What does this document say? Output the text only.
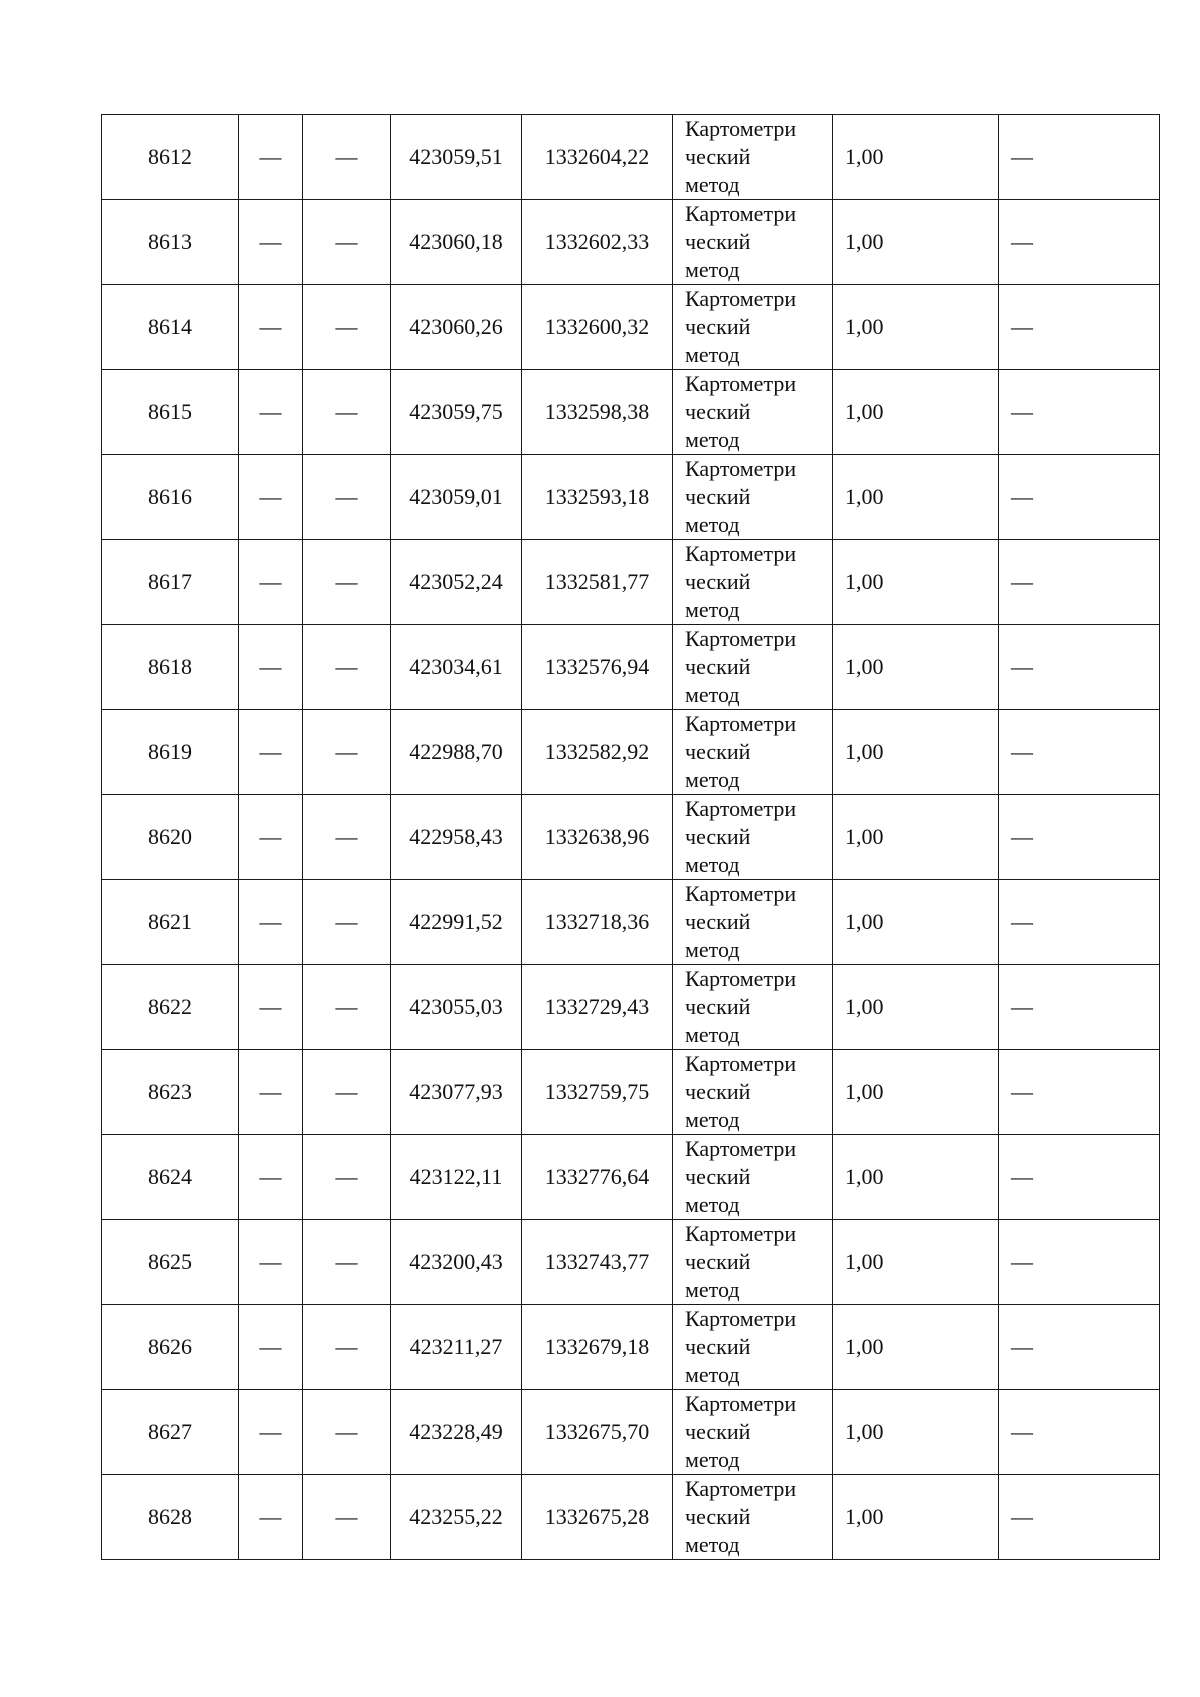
8612	—	—	423059,51	1332604,22	Картометри
ческий
метод	1,00	—
8613	—	—	423060,18	1332602,33	Картометри
ческий
метод	1,00	—
8614	—	—	423060,26	1332600,32	Картометри
ческий
метод	1,00	—
8615	—	—	423059,75	1332598,38	Картометри
ческий
метод	1,00	—
8616	—	—	423059,01	1332593,18	Картометри
ческий
метод	1,00	—
8617	—	—	423052,24	1332581,77	Картометри
ческий
метод	1,00	—
8618	—	—	423034,61	1332576,94	Картометри
ческий
метод	1,00	—
8619	—	—	422988,70	1332582,92	Картометри
ческий
метод	1,00	—
8620	—	—	422958,43	1332638,96	Картометри
ческий
метод	1,00	—
8621	—	—	422991,52	1332718,36	Картометри
ческий
метод	1,00	—
8622	—	—	423055,03	1332729,43	Картометри
ческий
метод	1,00	—
8623	—	—	423077,93	1332759,75	Картометри
ческий
метод	1,00	—
8624	—	—	423122,11	1332776,64	Картометри
ческий
метод	1,00	—
8625	—	—	423200,43	1332743,77	Картометри
ческий
метод	1,00	—
8626	—	—	423211,27	1332679,18	Картометри
ческий
метод	1,00	—
8627	—	—	423228,49	1332675,70	Картометри
ческий
метод	1,00	—
8628	—	—	423255,22	1332675,28	Картометри
ческий
метод	1,00	—
